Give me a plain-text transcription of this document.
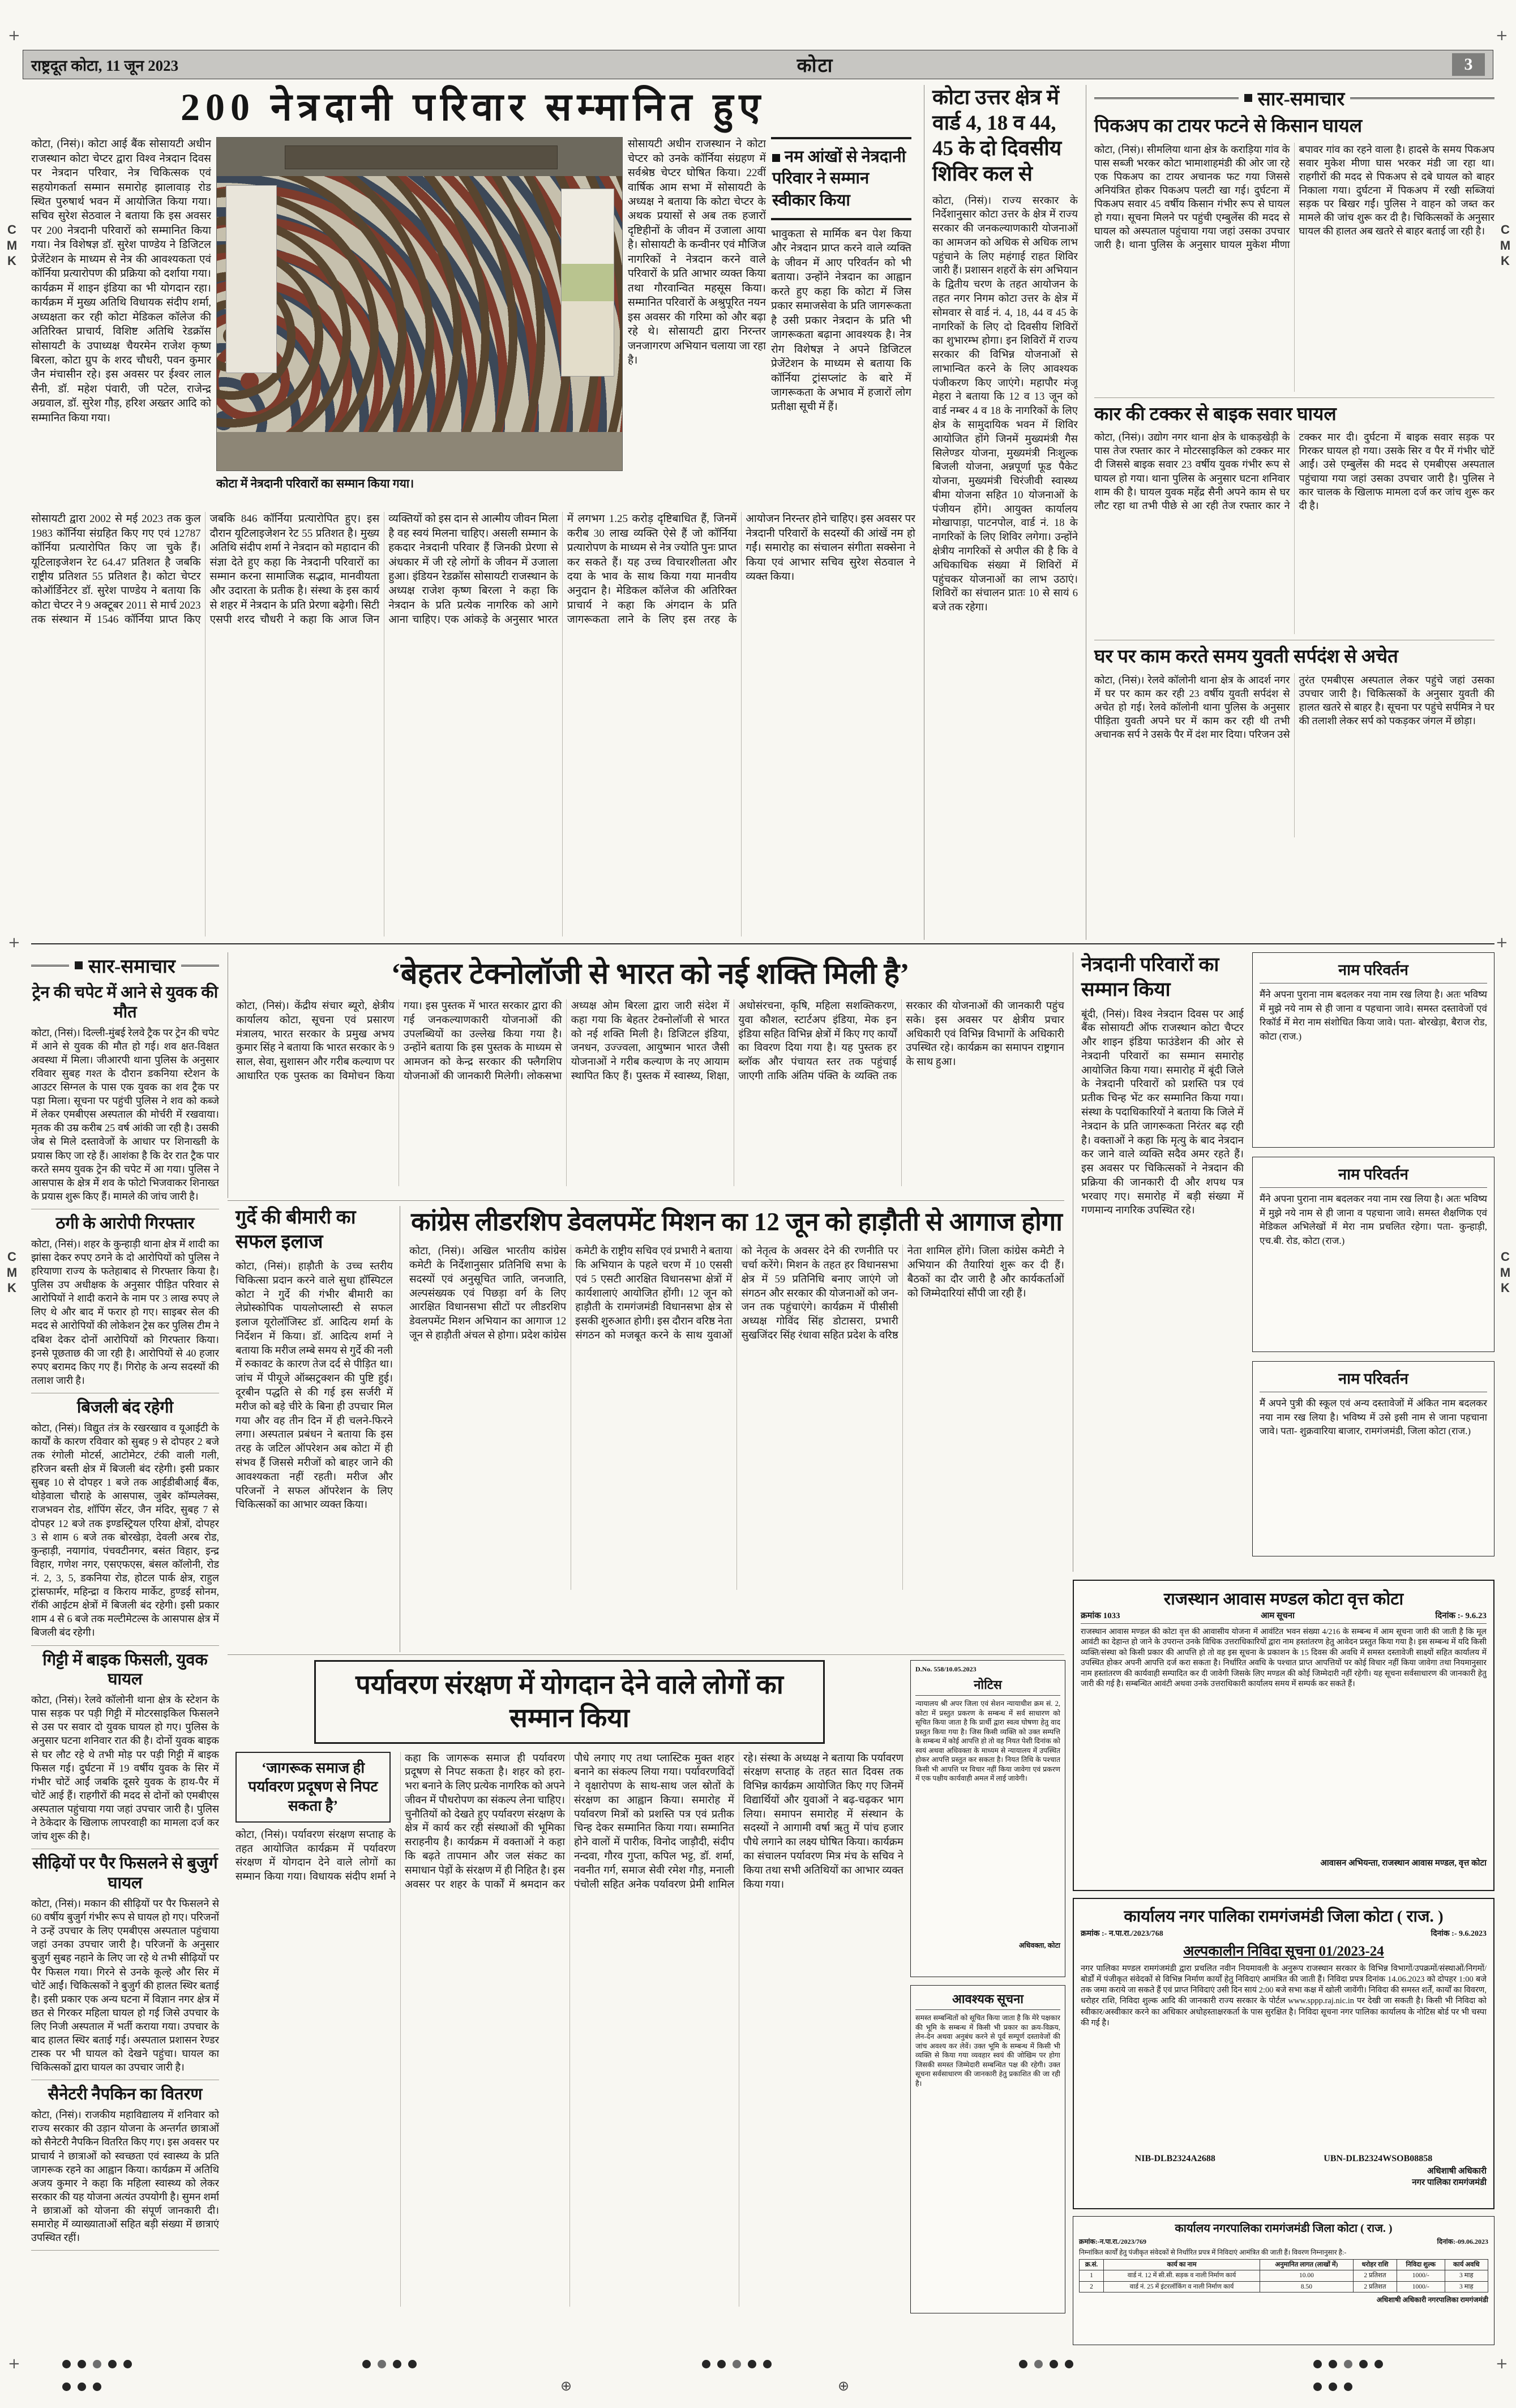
+	+
+	+
+	+
C
M
K
C
M
K
C
M
K
C
M
K
राष्ट्रदूत कोटा, 11 जून 2023	कोटा	3
200 नेत्रदानी परिवार सम्मानित हुए
कोटा, (निसं)। कोटा आई बैंक सोसायटी अधीन राजस्थान कोटा चेप्टर द्वारा विश्व नेत्रदान दिवस पर नेत्रदान परिवार, नेत्र चिकित्सक एवं सहयोगकर्ता सम्मान समारोह झालावाड़ रोड स्थित पुरुषार्थ भवन में आयोजित किया गया। सचिव सुरेश सेठवाल ने बताया कि इस अवसर पर 200 नेत्रदानी परिवारों को सम्मानित किया गया। नेत्र विशेषज्ञ डॉ. सुरेश पाण्डेय ने डिजिटल प्रेजेंटेशन के माध्यम से नेत्र की आवश्यकता एवं कॉर्निया प्रत्यारोपण की प्रक्रिया को दर्शाया गया। कार्यक्रम में शाइन इंडिया का भी योगदान रहा। कार्यक्रम में मुख्य अतिथि विधायक संदीप शर्मा, अध्यक्षता कर रही कोटा मेडिकल कॉलेज की अतिरिक्त प्राचार्य, विशिष्ट अतिथि रेडक्रॉस सोसायटी के उपाध्यक्ष चैयरमेन राजेश कृष्ण बिरला, कोटा ग्रुप के शरद चौधरी, पवन कुमार जैन मंचासीन रहे। इस अवसर पर ईश्वर लाल सैनी, डॉ. महेश पंवारी, जी पटेल, राजेन्द्र अग्रवाल, डॉ. सुरेश गौड़, हरिश अख्तर आदि को सम्मानित किया गया।
कोटा में नेत्रदानी परिवारों का सम्मान किया गया।
सोसायटी अधीन राजस्थान ने कोटा चेप्टर को उनके कॉर्निया संग्रहण में सर्वश्रेष्ठ चेप्टर घोषित किया। 22वीं वार्षिक आम सभा में सोसायटी के अध्यक्ष ने बताया कि कोटा चेप्टर के अथक प्रयासों से अब तक हजारों दृष्टिहीनों के जीवन में उजाला आया है। सोसायटी के कन्वीनर एवं मौजिज नागरिकों ने नेत्रदान करने वाले परिवारों के प्रति आभार व्यक्त किया तथा गौरवान्वित महसूस किया। सम्मानित परिवारों के अश्रुपूरित नयन इस अवसर की गरिमा को और बढ़ा रहे थे। सोसायटी द्वारा निरन्तर जनजागरण अभियान चलाया जा रहा है।
नम आंखों से नेत्रदानी परिवार ने सम्मान स्वीकार किया
भावुकता से मार्मिक बन पेश किया और नेत्रदान प्राप्त करने वाले व्यक्ति के जीवन में आए परिवर्तन को भी बताया। उन्होंने नेत्रदान का आह्वान करते हुए कहा कि कोटा में जिस प्रकार समाजसेवा के प्रति जागरूकता है उसी प्रकार नेत्रदान के प्रति भी जागरूकता बढ़ाना आवश्यक है। नेत्र रोग विशेषज्ञ ने अपने डिजिटल प्रेजेंटेशन के माध्यम से बताया कि कॉर्निया ट्रांसप्लांट के बारे में जागरूकता के अभाव में हजारों लोग प्रतीक्षा सूची में हैं।
सोसायटी द्वारा 2002 से मई 2023 तक कुल 1983 कॉर्निया संग्रहित किए गए एवं 12787 कॉर्निया प्रत्यारोपित किए जा चुके हैं। यूटिलाइजेशन रेट 64.47 प्रतिशत है जबकि राष्ट्रीय प्रतिशत 55 प्रतिशत है। कोटा चेप्टर कोऑर्डिनेटर डॉ. सुरेश पाण्डेय ने बताया कि कोटा चेप्टर ने 9 अक्टूबर 2011 से मार्च 2023 तक संस्थान में 1546 कॉर्निया प्राप्त किए जबकि 846 कॉर्निया प्रत्यारोपित हुए। इस दौरान यूटिलाइजेशन रेट 55 प्रतिशत है। मुख्य अतिथि संदीप शर्मा ने नेत्रदान को महादान की संज्ञा देते हुए कहा कि नेत्रदानी परिवारों का सम्मान करना सामाजिक सद्भाव, मानवीयता और उदारता के प्रतीक है। संस्था के इस कार्य से शहर में नेत्रदान के प्रति प्रेरणा बढ़ेगी। सिटी एसपी शरद चौधरी ने कहा कि आज जिन व्यक्तियों को इस दान से आत्मीय जीवन मिला है वह स्वयं मिलना चाहिए। असली सम्मान के हकदार नेत्रदानी परिवार हैं जिनकी प्रेरणा से अंधकार में जी रहे लोगों के जीवन में उजाला हुआ। इंडियन रेडक्रॉस सोसायटी राजस्थान के अध्यक्ष राजेश कृष्ण बिरला ने कहा कि नेत्रदान के प्रति प्रत्येक नागरिक को आगे आना चाहिए। एक आंकड़े के अनुसार भारत में लगभग 1.25 करोड़ दृष्टिबाधित हैं, जिनमें करीब 30 लाख व्यक्ति ऐसे हैं जो कॉर्निया प्रत्यारोपण के माध्यम से नेत्र ज्योति पुनः प्राप्त कर सकते हैं। यह उच्च विचारशीलता और दया के भाव के साथ किया गया मानवीय अनुदान है। मेडिकल कॉलेज की अतिरिक्त प्राचार्य ने कहा कि अंगदान के प्रति जागरूकता लाने के लिए इस तरह के आयोजन निरन्तर होने चाहिए। इस अवसर पर नेत्रदानी परिवारों के सदस्यों की आंखें नम हो गईं। समारोह का संचालन संगीता सक्सेना ने किया एवं आभार सचिव सुरेश सेठवाल ने व्यक्त किया।
कोटा उत्तर क्षेत्र में वार्ड 4, 18 व 44, 45 के दो दिवसीय शिविर कल से
कोटा, (निसं)। राज्य सरकार के निर्देशानुसार कोटा उत्तर के क्षेत्र में राज्य सरकार की जनकल्याणकारी योजनाओं का आमजन को अधिक से अधिक लाभ पहुंचाने के लिए महंगाई राहत शिविर जारी हैं। प्रशासन शहरों के संग अभियान के द्वितीय चरण के तहत आयोजन के तहत नगर निगम कोटा उत्तर के क्षेत्र में सोमवार से वार्ड नं. 4, 18, 44 व 45 के नागरिकों के लिए दो दिवसीय शिविरों का शुभारम्भ होगा। इन शिविरों में राज्य सरकार की विभिन्न योजनाओं से लाभान्वित करने के लिए आवश्यक पंजीकरण किए जाएंगे। महापौर मंजू मेहरा ने बताया कि 12 व 13 जून को वार्ड नम्बर 4 व 18 के नागरिकों के लिए क्षेत्र के सामुदायिक भवन में शिविर आयोजित होंगे जिनमें मुख्यमंत्री गैस सिलेण्डर योजना, मुख्यमंत्री निःशुल्क बिजली योजना, अन्नपूर्णा फूड पैकेट योजना, मुख्यमंत्री चिरंजीवी स्वास्थ्य बीमा योजना सहित 10 योजनाओं के पंजीयन होंगे। आयुक्त कार्यालय मोखापाड़ा, पाटनपोल, वार्ड नं. 18 के नागरिकों के लिए शिविर लगेगा। उन्होंने क्षेत्रीय नागरिकों से अपील की है कि वे अधिकाधिक संख्या में शिविरों में पहुंचकर योजनाओं का लाभ उठाएं। शिविरों का संचालन प्रातः 10 से सायं 6 बजे तक रहेगा।
सार-समाचार
पिकअप का टायर फटने से किसान घायल
कोटा, (निसं)। सीमलिया थाना क्षेत्र के कराड़िया गांव के पास सब्जी भरकर कोटा भामाशाहमंडी की ओर जा रहे एक पिकअप का टायर अचानक फट गया जिससे अनियंत्रित होकर पिकअप पलटी खा गई। दुर्घटना में पिकअप सवार 45 वर्षीय किसान गंभीर रूप से घायल हो गया। सूचना मिलने पर पहुंची एम्बुलेंस की मदद से घायल को अस्पताल पहुंचाया गया जहां उसका उपचार जारी है। थाना पुलिस के अनुसार घायल मुकेश मीणा बपावर गांव का रहने वाला है। हादसे के समय पिकअप सवार मुकेश मीणा घास भरकर मंडी जा रहा था। राहगीरों की मदद से पिकअप से दबे घायल को बाहर निकाला गया। दुर्घटना में पिकअप में रखी सब्जियां सड़क पर बिखर गईं। पुलिस ने वाहन को जब्त कर मामले की जांच शुरू कर दी है। चिकित्सकों के अनुसार घायल की हालत अब खतरे से बाहर बताई जा रही है।
कार की टक्कर से बाइक सवार घायल
कोटा, (निसं)। उद्योग नगर थाना क्षेत्र के धाकड़खेड़ी के पास तेज रफ्तार कार ने मोटरसाइकिल को टक्कर मार दी जिससे बाइक सवार 23 वर्षीय युवक गंभीर रूप से घायल हो गया। थाना पुलिस के अनुसार घटना शनिवार शाम की है। घायल युवक महेंद्र सैनी अपने काम से घर लौट रहा था तभी पीछे से आ रही तेज रफ्तार कार ने टक्कर मार दी। दुर्घटना में बाइक सवार सड़क पर गिरकर घायल हो गया। उसके सिर व पैर में गंभीर चोटें आईं। उसे एम्बुलेंस की मदद से एमबीएस अस्पताल पहुंचाया गया जहां उसका उपचार जारी है। पुलिस ने कार चालक के खिलाफ मामला दर्ज कर जांच शुरू कर दी है।
घर पर काम करते समय युवती सर्पदंश से अचेत
कोटा, (निसं)। रेलवे कॉलोनी थाना क्षेत्र के आदर्श नगर में घर पर काम कर रही 23 वर्षीय युवती सर्पदंश से अचेत हो गई। रेलवे कॉलोनी थाना पुलिस के अनुसार पीड़िता युवती अपने घर में काम कर रही थी तभी अचानक सर्प ने उसके पैर में दंश मार दिया। परिजन उसे तुरंत एमबीएस अस्पताल लेकर पहुंचे जहां उसका उपचार जारी है। चिकित्सकों के अनुसार युवती की हालत खतरे से बाहर है। सूचना पर पहुंचे सर्पमित्र ने घर की तलाशी लेकर सर्प को पकड़कर जंगल में छोड़ा।
सार-समाचार
ट्रेन की चपेट में आने से युवक की मौत
कोटा, (निसं)। दिल्ली-मुंबई रेलवे ट्रैक पर ट्रेन की चपेट में आने से युवक की मौत हो गई। शव क्षत-विक्षत अवस्था में मिला। जीआरपी थाना पुलिस के अनुसार रविवार सुबह गश्त के दौरान डकनिया स्टेशन के आउटर सिग्नल के पास एक युवक का शव ट्रैक पर पड़ा मिला। सूचना पर पहुंची पुलिस ने शव को कब्जे में लेकर एमबीएस अस्पताल की मोर्चरी में रखवाया। मृतक की उम्र करीब 25 वर्ष आंकी जा रही है। उसकी जेब से मिले दस्तावेजों के आधार पर शिनाख्ती के प्रयास किए जा रहे हैं। आशंका है कि देर रात ट्रैक पार करते समय युवक ट्रेन की चपेट में आ गया। पुलिस ने आसपास के क्षेत्र में शव के फोटो भिजवाकर शिनाख्त के प्रयास शुरू किए हैं। मामले की जांच जारी है।
ठगी के आरोपी गिरफ्तार
कोटा, (निसं)। शहर के कुन्हाड़ी थाना क्षेत्र में शादी का झांसा देकर रुपए ठगने के दो आरोपियों को पुलिस ने हरियाणा राज्य के फतेहाबाद से गिरफ्तार किया है। पुलिस उप अधीक्षक के अनुसार पीड़ित परिवार से आरोपियों ने शादी कराने के नाम पर 3 लाख रुपए ले लिए थे और बाद में फरार हो गए। साइबर सेल की मदद से आरोपियों की लोकेशन ट्रेस कर पुलिस टीम ने दबिश देकर दोनों आरोपियों को गिरफ्तार किया। इनसे पूछताछ की जा रही है। आरोपियों से 40 हजार रुपए बरामद किए गए हैं। गिरोह के अन्य सदस्यों की तलाश जारी है।
बिजली बंद रहेगी
कोटा, (निसं)। विद्युत तंत्र के रखरखाव व यूआईटी के कार्यों के कारण रविवार को सुबह 9 से दोपहर 2 बजे तक रंगोली मोटर्स, आटोमेटर, टंकी वाली गली, हरिजन बस्ती क्षेत्र में बिजली बंद रहेगी। इसी प्रकार सुबह 10 से दोपहर 1 बजे तक आईडीबीआई बैंक, थोड़ेवाला चौराहे के आसपास, जुबेर कॉम्पलेक्स, राजभवन रोड, शॉपिंग सेंटर, जैन मंदिर, सुबह 7 से दोपहर 12 बजे तक इण्डस्ट्रियल एरिया क्षेत्रों, दोपहर 3 से शाम 6 बजे तक बोरखेड़ा, देवली अरब रोड, कुन्हाड़ी, नयागांव, पंचवटीनगर, बसंत विहार, इन्द्र विहार, गणेश नगर, एसएफएस, बंसल कॉलोनी, रोड नं. 2, 3, 5, डकनिया रोड, होटल पार्क क्षेत्र, राहुल ट्रांसफार्मर, महिन्द्रा व किराय मार्केट, हुण्डई सोनम, रॉकी आईटम क्षेत्रों में बिजली बंद रहेगी। इसी प्रकार शाम 4 से 6 बजे तक मल्टीमेटल्स के आसपास क्षेत्र में बिजली बंद रहेगी।
गिट्टी में बाइक फिसली, युवक घायल
कोटा, (निसं)। रेलवे कॉलोनी थाना क्षेत्र के स्टेशन के पास सड़क पर पड़ी गिट्टी में मोटरसाइकिल फिसलने से उस पर सवार दो युवक घायल हो गए। पुलिस के अनुसार घटना शनिवार रात की है। दोनों युवक बाइक से घर लौट रहे थे तभी मोड़ पर पड़ी गिट्टी में बाइक फिसल गई। दुर्घटना में 19 वर्षीय युवक के सिर में गंभीर चोटें आईं जबकि दूसरे युवक के हाथ-पैर में चोटें आई हैं। राहगीरों की मदद से दोनों को एमबीएस अस्पताल पहुंचाया गया जहां उपचार जारी है। पुलिस ने ठेकेदार के खिलाफ लापरवाही का मामला दर्ज कर जांच शुरू की है।
सीढ़ियों पर पैर फिसलने से बुजुर्ग घायल
कोटा, (निसं)। मकान की सीढ़ियों पर पैर फिसलने से 60 वर्षीय बुजुर्ग गंभीर रूप से घायल हो गए। परिजनों ने उन्हें उपचार के लिए एमबीएस अस्पताल पहुंचाया जहां उनका उपचार जारी है। परिजनों के अनुसार बुजुर्ग सुबह नहाने के लिए जा रहे थे तभी सीढ़ियों पर पैर फिसल गया। गिरने से उनके कूल्हे और सिर में चोटें आईं। चिकित्सकों ने बुजुर्ग की हालत स्थिर बताई है। इसी प्रकार एक अन्य घटना में विज्ञान नगर क्षेत्र में छत से गिरकर महिला घायल हो गई जिसे उपचार के लिए निजी अस्पताल में भर्ती कराया गया। उपचार के बाद हालत स्थिर बताई गई। अस्पताल प्रशासन रेण्डर टास्क पर भी घायल को देखने पहुंचा। घायल का चिकित्सकों द्वारा घायल का उपचार जारी है।
सैनेटरी नैपकिन का वितरण
कोटा, (निसं)। राजकीय महाविद्यालय में शनिवार को राज्य सरकार की उड़ान योजना के अन्तर्गत छात्राओं को सैनेटरी नैपकिन वितरित किए गए। इस अवसर पर प्राचार्य ने छात्राओं को स्वच्छता एवं स्वास्थ्य के प्रति जागरूक रहने का आह्वान किया। कार्यक्रम में अतिथि अजय कुमार ने कहा कि महिला स्वास्थ्य को लेकर सरकार की यह योजना अत्यंत उपयोगी है। सुमन शर्मा ने छात्राओं को योजना की संपूर्ण जानकारी दी। समारोह में व्याख्याताओं सहित बड़ी संख्या में छात्राएं उपस्थित रहीं।
‘बेहतर टेक्नोलॉजी से भारत को नई शक्ति मिली है’
कोटा, (निसं)। केंद्रीय संचार ब्यूरो, क्षेत्रीय कार्यालय कोटा, सूचना एवं प्रसारण मंत्रालय, भारत सरकार के प्रमुख अभय कुमार सिंह ने बताया कि भारत सरकार के 9 साल, सेवा, सुशासन और गरीब कल्याण पर आधारित एक पुस्तक का विमोचन किया गया। इस पुस्तक में भारत सरकार द्वारा की गई जनकल्याणकारी योजनाओं की उपलब्धियों का उल्लेख किया गया है। उन्होंने बताया कि इस पुस्तक के माध्यम से आमजन को केन्द्र सरकार की फ्लैगशिप योजनाओं की जानकारी मिलेगी। लोकसभा अध्यक्ष ओम बिरला द्वारा जारी संदेश में कहा गया कि बेहतर टेक्नोलॉजी से भारत को नई शक्ति मिली है। डिजिटल इंडिया, जनधन, उज्ज्वला, आयुष्मान भारत जैसी योजनाओं ने गरीब कल्याण के नए आयाम स्थापित किए हैं। पुस्तक में स्वास्थ्य, शिक्षा, अधोसंरचना, कृषि, महिला सशक्तिकरण, युवा कौशल, स्टार्टअप इंडिया, मेक इन इंडिया सहित विभिन्न क्षेत्रों में किए गए कार्यों का विवरण दिया गया है। यह पुस्तक हर ब्लॉक और पंचायत स्तर तक पहुंचाई जाएगी ताकि अंतिम पंक्ति के व्यक्ति तक सरकार की योजनाओं की जानकारी पहुंच सके। इस अवसर पर क्षेत्रीय प्रचार अधिकारी एवं विभिन्न विभागों के अधिकारी उपस्थित रहे। कार्यक्रम का समापन राष्ट्रगान के साथ हुआ।
गुर्दे की बीमारी का सफल इलाज
कोटा, (निसं)। हाड़ौती के उच्च स्तरीय चिकित्सा प्रदान करने वाले सुधा हॉस्पिटल कोटा ने गुर्दे की गंभीर बीमारी का लेप्रोस्कोपिक पायलोप्लास्टी से सफल इलाज यूरोलॉजिस्ट डॉ. आदित्य शर्मा के निर्देशन में किया। डॉ. आदित्य शर्मा ने बताया कि मरीज लम्बे समय से गुर्दे की नली में रुकावट के कारण तेज दर्द से पीड़ित था। जांच में पीयूजे ऑब्सट्रक्शन की पुष्टि हुई। दूरबीन पद्धति से की गई इस सर्जरी में मरीज को बड़े चीरे के बिना ही उपचार मिल गया और वह तीन दिन में ही चलने-फिरने लगा। अस्पताल प्रबंधन ने बताया कि इस तरह के जटिल ऑपरेशन अब कोटा में ही संभव हैं जिससे मरीजों को बाहर जाने की आवश्यकता नहीं रहती। मरीज और परिजनों ने सफल ऑपरेशन के लिए चिकित्सकों का आभार व्यक्त किया।
कांग्रेस लीडरशिप डेवलपमेंट मिशन का 12 जून को हाड़ौती से आगाज होगा
कोटा, (निसं)। अखिल भारतीय कांग्रेस कमेटी के निर्देशानुसार प्रतिनिधि सभा के सदस्यों एवं अनुसूचित जाति, जनजाति, अल्पसंख्यक एवं पिछड़ा वर्ग के लिए आरक्षित विधानसभा सीटों पर लीडरशिप डेवलपमेंट मिशन अभियान का आगाज 12 जून से हाड़ौती अंचल से होगा। प्रदेश कांग्रेस कमेटी के राष्ट्रीय सचिव एवं प्रभारी ने बताया कि अभियान के पहले चरण में 10 एससी एवं 5 एसटी आरक्षित विधानसभा क्षेत्रों में कार्यशालाएं आयोजित होंगी। 12 जून को हाड़ौती के रामगंजमंडी विधानसभा क्षेत्र से इसकी शुरुआत होगी। इस दौरान वरिष्ठ नेता संगठन को मजबूत करने के साथ युवाओं को नेतृत्व के अवसर देने की रणनीति पर चर्चा करेंगे। मिशन के तहत हर विधानसभा क्षेत्र में 59 प्रतिनिधि बनाए जाएंगे जो संगठन और सरकार की योजनाओं को जन-जन तक पहुंचाएंगे। कार्यक्रम में पीसीसी अध्यक्ष गोविंद सिंह डोटासरा, प्रभारी सुखजिंदर सिंह रंधावा सहित प्रदेश के वरिष्ठ नेता शामिल होंगे। जिला कांग्रेस कमेटी ने अभियान की तैयारियां शुरू कर दी हैं। बैठकों का दौर जारी है और कार्यकर्ताओं को जिम्मेदारियां सौंपी जा रही हैं।
पर्यावरण संरक्षण में योगदान देने वाले लोगों का सम्मान किया
‘जागरूक समाज ही पर्यावरण प्रदूषण से निपट सकता है’
कोटा, (निसं)। पर्यावरण संरक्षण सप्ताह के तहत आयोजित कार्यक्रम में पर्यावरण संरक्षण में योगदान देने वाले लोगों का सम्मान किया गया। विधायक संदीप शर्मा ने कहा कि जागरूक समाज ही पर्यावरण प्रदूषण से निपट सकता है। शहर को हरा-भरा बनाने के लिए प्रत्येक नागरिक को अपने जीवन में पौधरोपण का संकल्प लेना चाहिए। चुनौतियों को देखते हुए पर्यावरण संरक्षण के क्षेत्र में कार्य कर रही संस्थाओं की भूमिका सराहनीय है। कार्यक्रम में वक्ताओं ने कहा कि बढ़ते तापमान और जल संकट का समाधान पेड़ों के संरक्षण में ही निहित है। इस अवसर पर शहर के पार्कों में श्रमदान कर पौधे लगाए गए तथा प्लास्टिक मुक्त शहर बनाने का संकल्प लिया गया। पर्यावरणविदों ने वृक्षारोपण के साथ-साथ जल स्रोतों के संरक्षण का आह्वान किया। समारोह में पर्यावरण मित्रों को प्रशस्ति पत्र एवं प्रतीक चिन्ह देकर सम्मानित किया गया। सम्मानित होने वालों में पारीक, विनोद जाड़ौदी, संदीप नन्दवा, गौरव गुप्ता, कपिल भट्ट, डॉ. शर्मा, नवनीत गर्ग, समाज सेवी रमेश गौड़, मनाली पंचोली सहित अनेक पर्यावरण प्रेमी शामिल रहे। संस्था के अध्यक्ष ने बताया कि पर्यावरण संरक्षण सप्ताह के तहत सात दिवस तक विभिन्न कार्यक्रम आयोजित किए गए जिनमें विद्यार्थियों और युवाओं ने बढ़-चढ़कर भाग लिया। समापन समारोह में संस्थान के सदस्यों ने आगामी वर्षा ऋतु में पांच हजार पौधे लगाने का लक्ष्य घोषित किया। कार्यक्रम का संचालन पर्यावरण मित्र मंच के सचिव ने किया तथा सभी अतिथियों का आभार व्यक्त किया गया।
D.No. 558/10.05.2023
नोटिस
न्यायालय श्री अपर जिला एवं सेशन न्यायाधीश क्रम सं. 2, कोटा में प्रस्तुत प्रकरण के सम्बन्ध में सर्व साधारण को सूचित किया जाता है कि प्रार्थी द्वारा स्वत्व घोषणा हेतु वाद प्रस्तुत किया गया है। जिस किसी व्यक्ति को उक्त सम्पत्ति के सम्बन्ध में कोई आपत्ति हो तो वह नियत पेशी दिनांक को स्वयं अथवा अधिवक्ता के माध्यम से न्यायालय में उपस्थित होकर आपत्ति प्रस्तुत कर सकता है। नियत तिथि के पश्चात किसी भी आपत्ति पर विचार नहीं किया जावेगा एवं प्रकरण में एक पक्षीय कार्यवाही अमल में लाई जावेगी।
अधिवक्ता, कोटा
आवश्यक सूचना
समस्त सम्बन्धितों को सूचित किया जाता है कि मेरे पक्षकार की भूमि के सम्बन्ध में किसी भी प्रकार का क्रय-विक्रय, लेन-देन अथवा अनुबंध करने से पूर्व सम्पूर्ण दस्तावेजों की जांच अवश्य कर लेवें। उक्त भूमि के सम्बन्ध में किसी भी व्यक्ति से किया गया व्यवहार स्वयं की जोखिम पर होगा जिसकी समस्त जिम्मेदारी सम्बन्धित पक्ष की रहेगी। उक्त सूचना सर्वसाधारण की जानकारी हेतु प्रकाशित की जा रही है।
नेत्रदानी परिवारों का सम्मान किया
बूंदी, (निसं)। विश्व नेत्रदान दिवस पर आई बैंक सोसायटी ऑफ राजस्थान कोटा चैप्टर और शाइन इंडिया फाउंडेशन की ओर से नेत्रदानी परिवारों का सम्मान समारोह आयोजित किया गया। समारोह में बूंदी जिले के नेत्रदानी परिवारों को प्रशस्ति पत्र एवं प्रतीक चिन्ह भेंट कर सम्मानित किया गया। संस्था के पदाधिकारियों ने बताया कि जिले में नेत्रदान के प्रति जागरूकता निरंतर बढ़ रही है। वक्ताओं ने कहा कि मृत्यु के बाद नेत्रदान कर जाने वाले व्यक्ति सदैव अमर रहते हैं। इस अवसर पर चिकित्सकों ने नेत्रदान की प्रक्रिया की जानकारी दी और शपथ पत्र भरवाए गए। समारोह में बड़ी संख्या में गणमान्य नागरिक उपस्थित रहे।
नाम परिवर्तन
मैंने अपना पुराना नाम बदलकर नया नाम रख लिया है। अतः भविष्य में मुझे नये नाम से ही जाना व पहचाना जावे। समस्त दस्तावेजों एवं रिकॉर्ड में मेरा नाम संशोधित किया जावे। पता- बोरखेड़ा, बैराज रोड, कोटा (राज.)
नाम परिवर्तन
मैंने अपना पुराना नाम बदलकर नया नाम रख लिया है। अतः भविष्य में मुझे नये नाम से ही जाना व पहचाना जावे। समस्त शैक्षणिक एवं मेडिकल अभिलेखों में मेरा नाम प्रचलित रहेगा। पता- कुन्हाड़ी, एच.बी. रोड, कोटा (राज.)
नाम परिवर्तन
मैं अपने पुत्री की स्कूल एवं अन्य दस्तावेजों में अंकित नाम बदलकर नया नाम रख लिया है। भविष्य में उसे इसी नाम से जाना पहचाना जावे। पता- शुक्रवारिया बाजार, रामगंजमंडी, जिला कोटा (राज.)
राजस्थान आवास मण्डल कोटा वृत्त कोटा
क्रमांक 1033	आम सूचना	दिनांक :- 9.6.23
राजस्थान आवास मण्डल की कोटा वृत्त की आवासीय योजना में आवंटित भवन संख्या 4/216 के सम्बन्ध में आम सूचना जारी की जाती है कि मूल आवंटी का देहान्त हो जाने के उपरान्त उनके विधिक उत्तराधिकारियों द्वारा नाम हस्तांतरण हेतु आवेदन प्रस्तुत किया गया है। इस सम्बन्ध में यदि किसी व्यक्ति/संस्था को किसी प्रकार की आपत्ति हो तो वह इस सूचना के प्रकाशन के 15 दिवस की अवधि में समस्त दस्तावेजी साक्ष्यों सहित कार्यालय में उपस्थित होकर अपनी आपत्ति दर्ज करा सकता है। निर्धारित अवधि के पश्चात प्राप्त आपत्तियों पर कोई विचार नहीं किया जावेगा तथा नियमानुसार नाम हस्तांतरण की कार्यवाही सम्पादित कर दी जावेगी जिसके लिए मण्डल की कोई जिम्मेदारी नहीं रहेगी। यह सूचना सर्वसाधारण की जानकारी हेतु जारी की गई है। सम्बन्धित आवंटी अथवा उनके उत्तराधिकारी कार्यालय समय में सम्पर्क कर सकते हैं।
आवासन अभियन्ता, राजस्थान आवास मण्डल, वृत्त कोटा
कार्यालय नगर पालिका रामगंजमंडी जिला कोटा ( राज. )
क्रमांक :- न.पा.रा./2023/768	दिनांक :- 9.6.2023
अल्पकालीन निविदा सूचना 01/2023-24
नगर पालिका मण्डल रामगंजमंडी द्वारा प्रचलित नवीन नियमावली के अनुरूप राजस्थान सरकार के विभिन्न विभागों/उपक्रमों/संस्थाओं/निगमों/बोर्डों में पंजीकृत संवेदकों से विभिन्न निर्माण कार्यों हेतु निविदाएं आमंत्रित की जाती हैं। निविदा प्रपत्र दिनांक 14.06.2023 को दोपहर 1:00 बजे तक जमा कराये जा सकते हैं एवं प्राप्त निविदाएं उसी दिन सायं 2:00 बजे सभा कक्ष में खोली जावेंगी। निविदा की समस्त शर्तें, कार्यों का विवरण, धरोहर राशि, निविदा शुल्क आदि की जानकारी राज्य सरकार के पोर्टल www.sppp.raj.nic.in पर देखी जा सकती है। किसी भी निविदा को स्वीकार/अस्वीकार करने का अधिकार अधोहस्ताक्षरकर्ता के पास सुरक्षित है। निविदा सूचना नगर पालिका कार्यालय के नोटिस बोर्ड पर भी चस्पा की गई है।
NIB-DLB2324A2688	UBN-DLB2324WSOB08858
अधिशाषी अधिकारी
नगर पालिका रामगंजमंडी
कार्यालय नगरपालिका रामगंजमंडी जिला कोटा ( राज. )
क्रमांक:-न.पा.रा./2023/769	दिनांक:-09.06.2023
निम्नांकित कार्यों हेतु पंजीकृत संवेदकों से निर्धारित प्रपत्र में निविदाएं आमंत्रित की जाती हैं। विवरण निम्नानुसार है:-
क्र.सं.	कार्य का नाम	अनुमानित लागत (लाखों में)	धरोहर राशि	निविदा शुल्क	कार्य अवधि
1	वार्ड नं. 12 में सी.सी. सड़क व नाली निर्माण कार्य	10.00	2 प्रतिशत	1000/-	3 माह
2	वार्ड नं. 25 में इंटरलॉकिंग व नाली निर्माण कार्य	8.50	2 प्रतिशत	1000/-	3 माह
अधिशाषी अधिकारी नगरपालिका रामगंजमंडी
⊕	⊕
